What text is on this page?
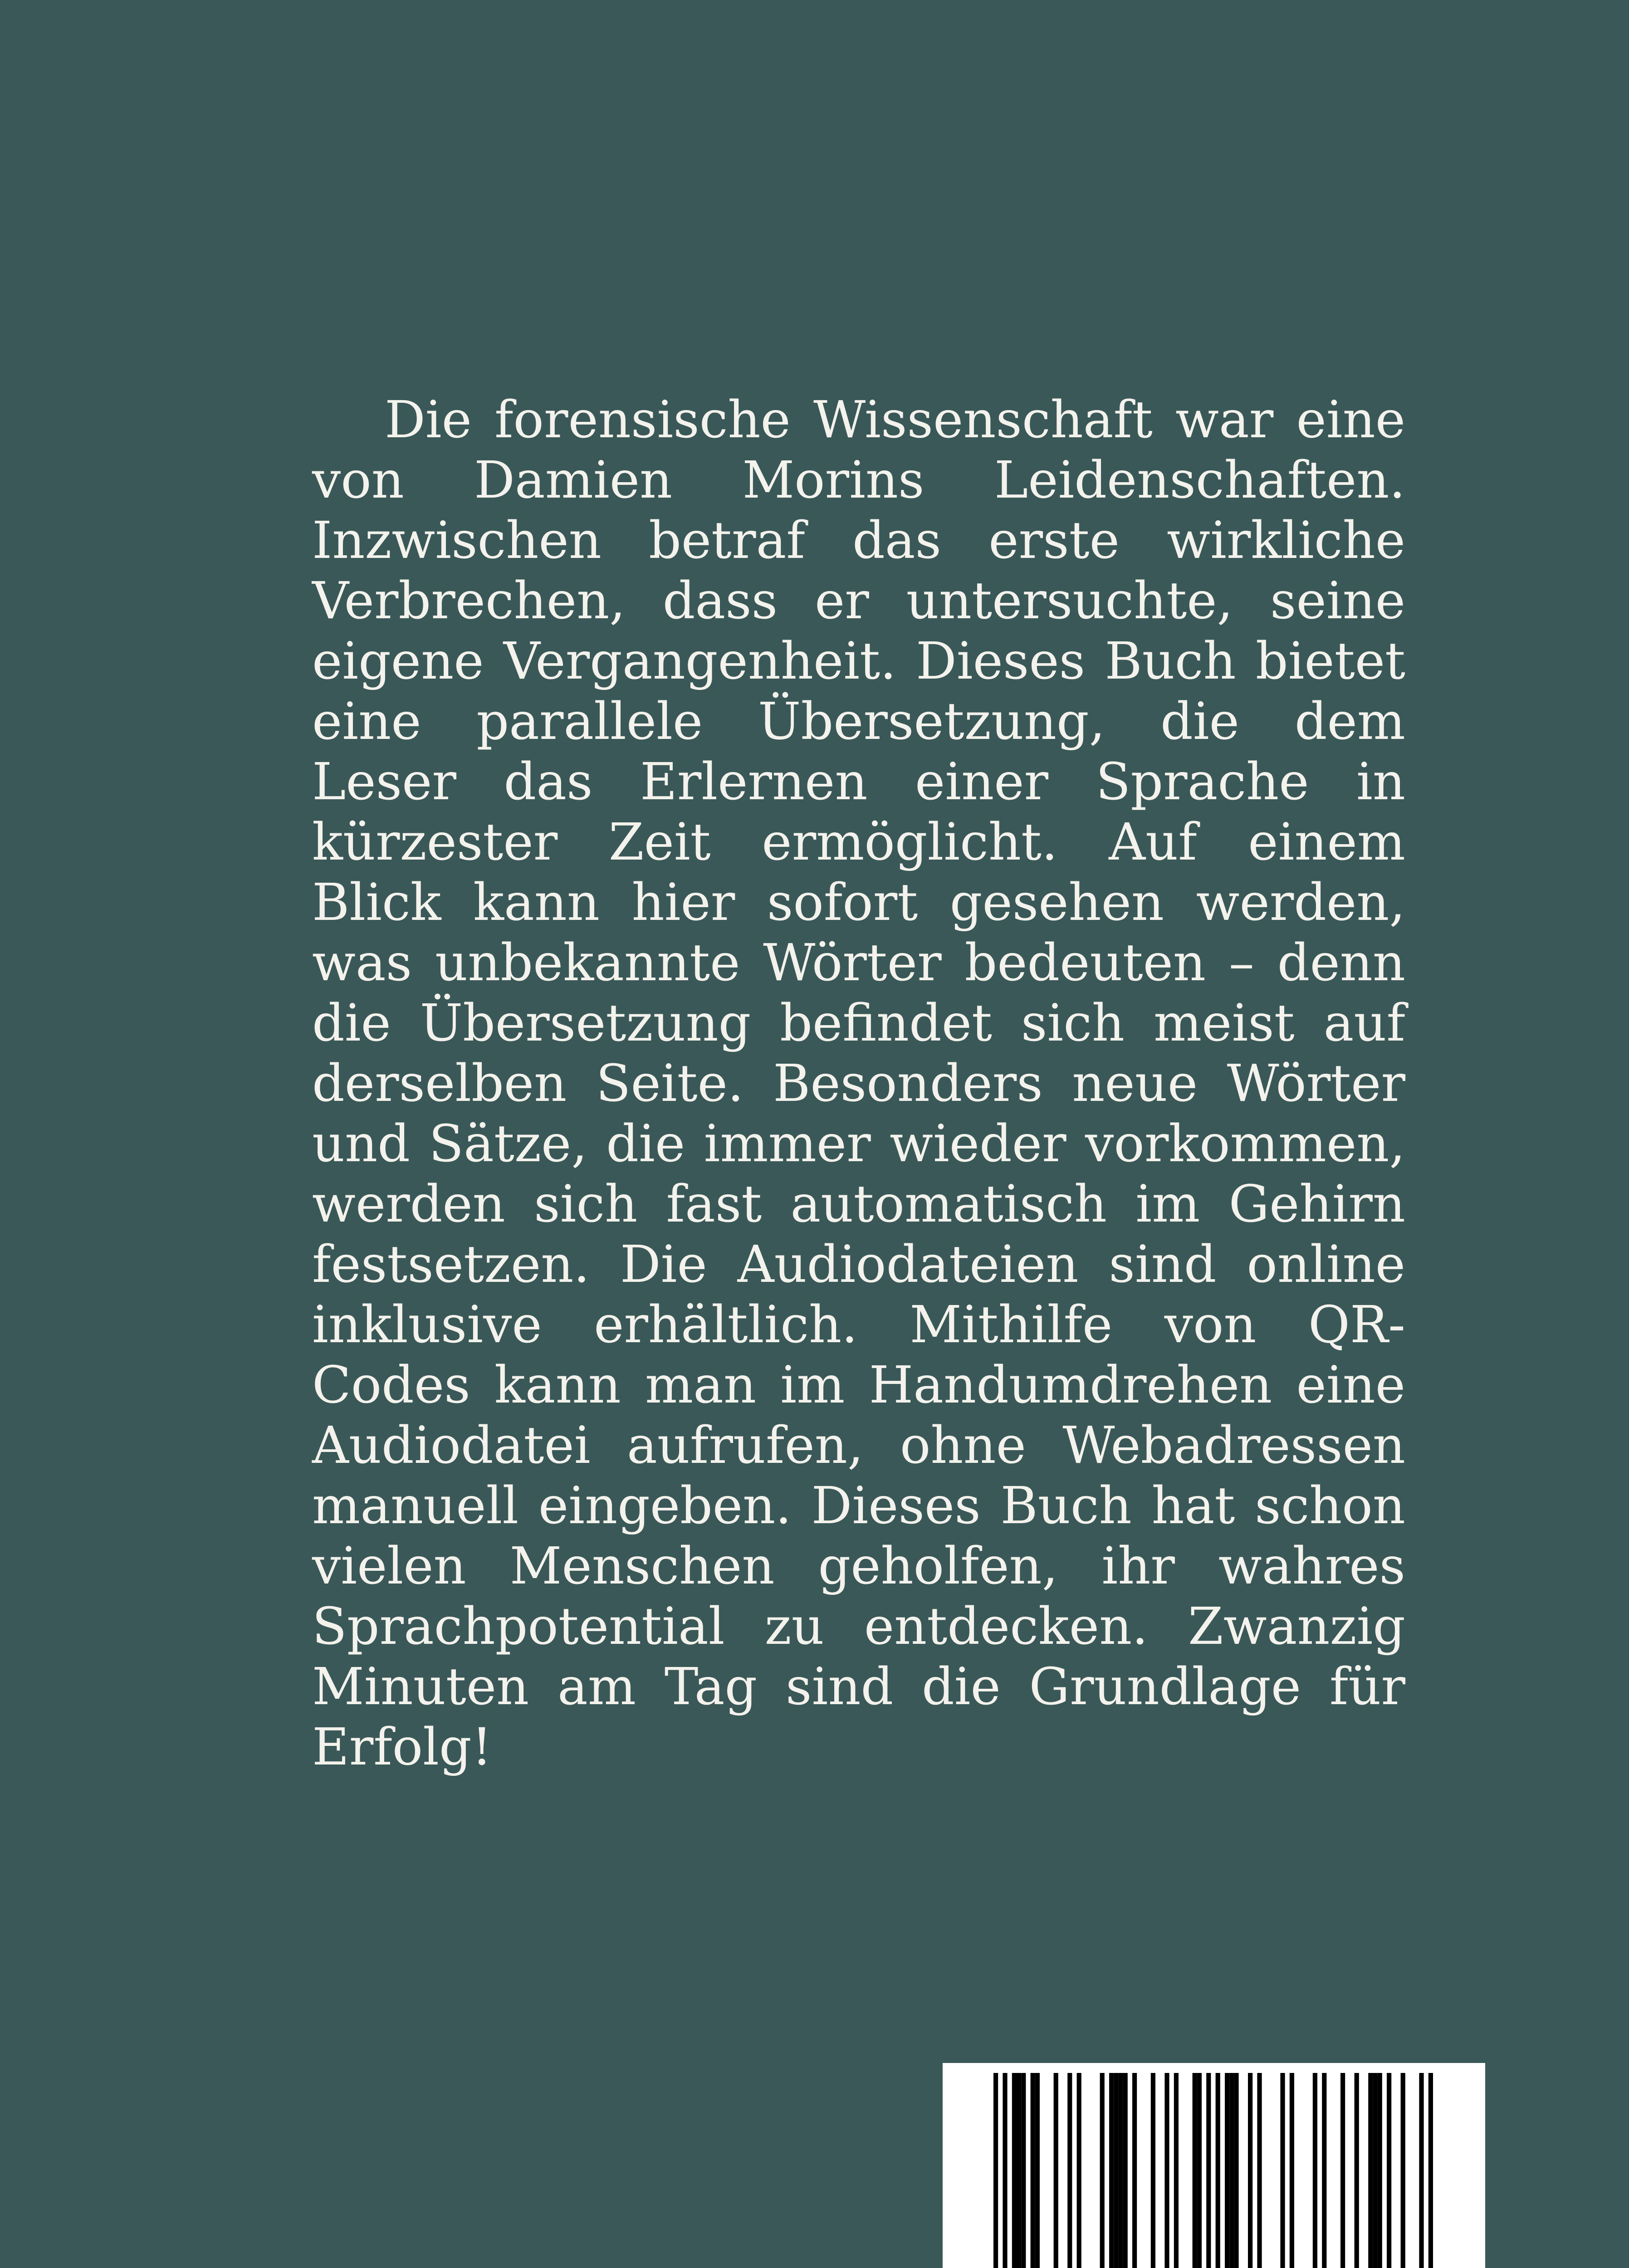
Die forensische Wissenschaft war eine von Damien Morins Leidenschaften. Inzwischen betraf das erste wirkliche Verbrechen, dass er untersuchte, seine eigene Vergangenheit. Dieses Buch bietet eine parallele Übersetzung, die dem Leser das Erlernen einer Sprache in kürzester Zeit ermöglicht. Auf einem Blick kann hier sofort gesehen werden, was unbekannte Wörter bedeuten – denn die Übersetzung befindet sich meist auf derselben Seite. Besonders neue Wörter und Sätze, die immer wieder vorkommen, werden sich fast automatisch im Gehirn festsetzen. Die Audiodateien sind online inklusive erhältlich. Mithilfe von QR-Codes kann man im Handumdrehen eine Audiodatei aufrufen, ohne Webadressen manuell eingeben. Dieses Buch hat schon vielen Menschen geholfen, ihr wahres Sprachpotential zu entdecken. Zwanzig Minuten am Tag sind die Grundlage für Erfolg!
